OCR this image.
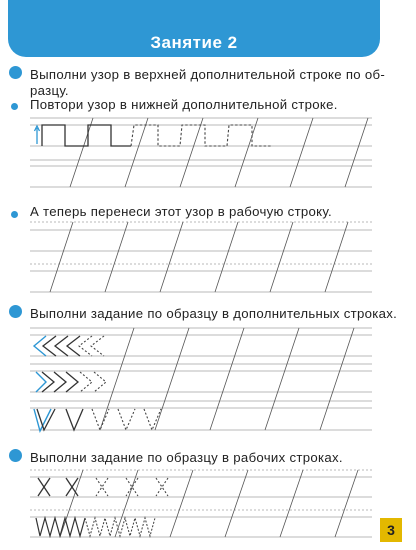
Занятие 2
Выполни узор в верхней дополнительной строке по об-
разцу.
Повтори узор в нижней дополнительной строке.
А теперь перенеси этот узор в рабочую строку.
Выполни задание по образцу в дополнительных строках.
Выполни задание по образцу в рабочих строках.
3
